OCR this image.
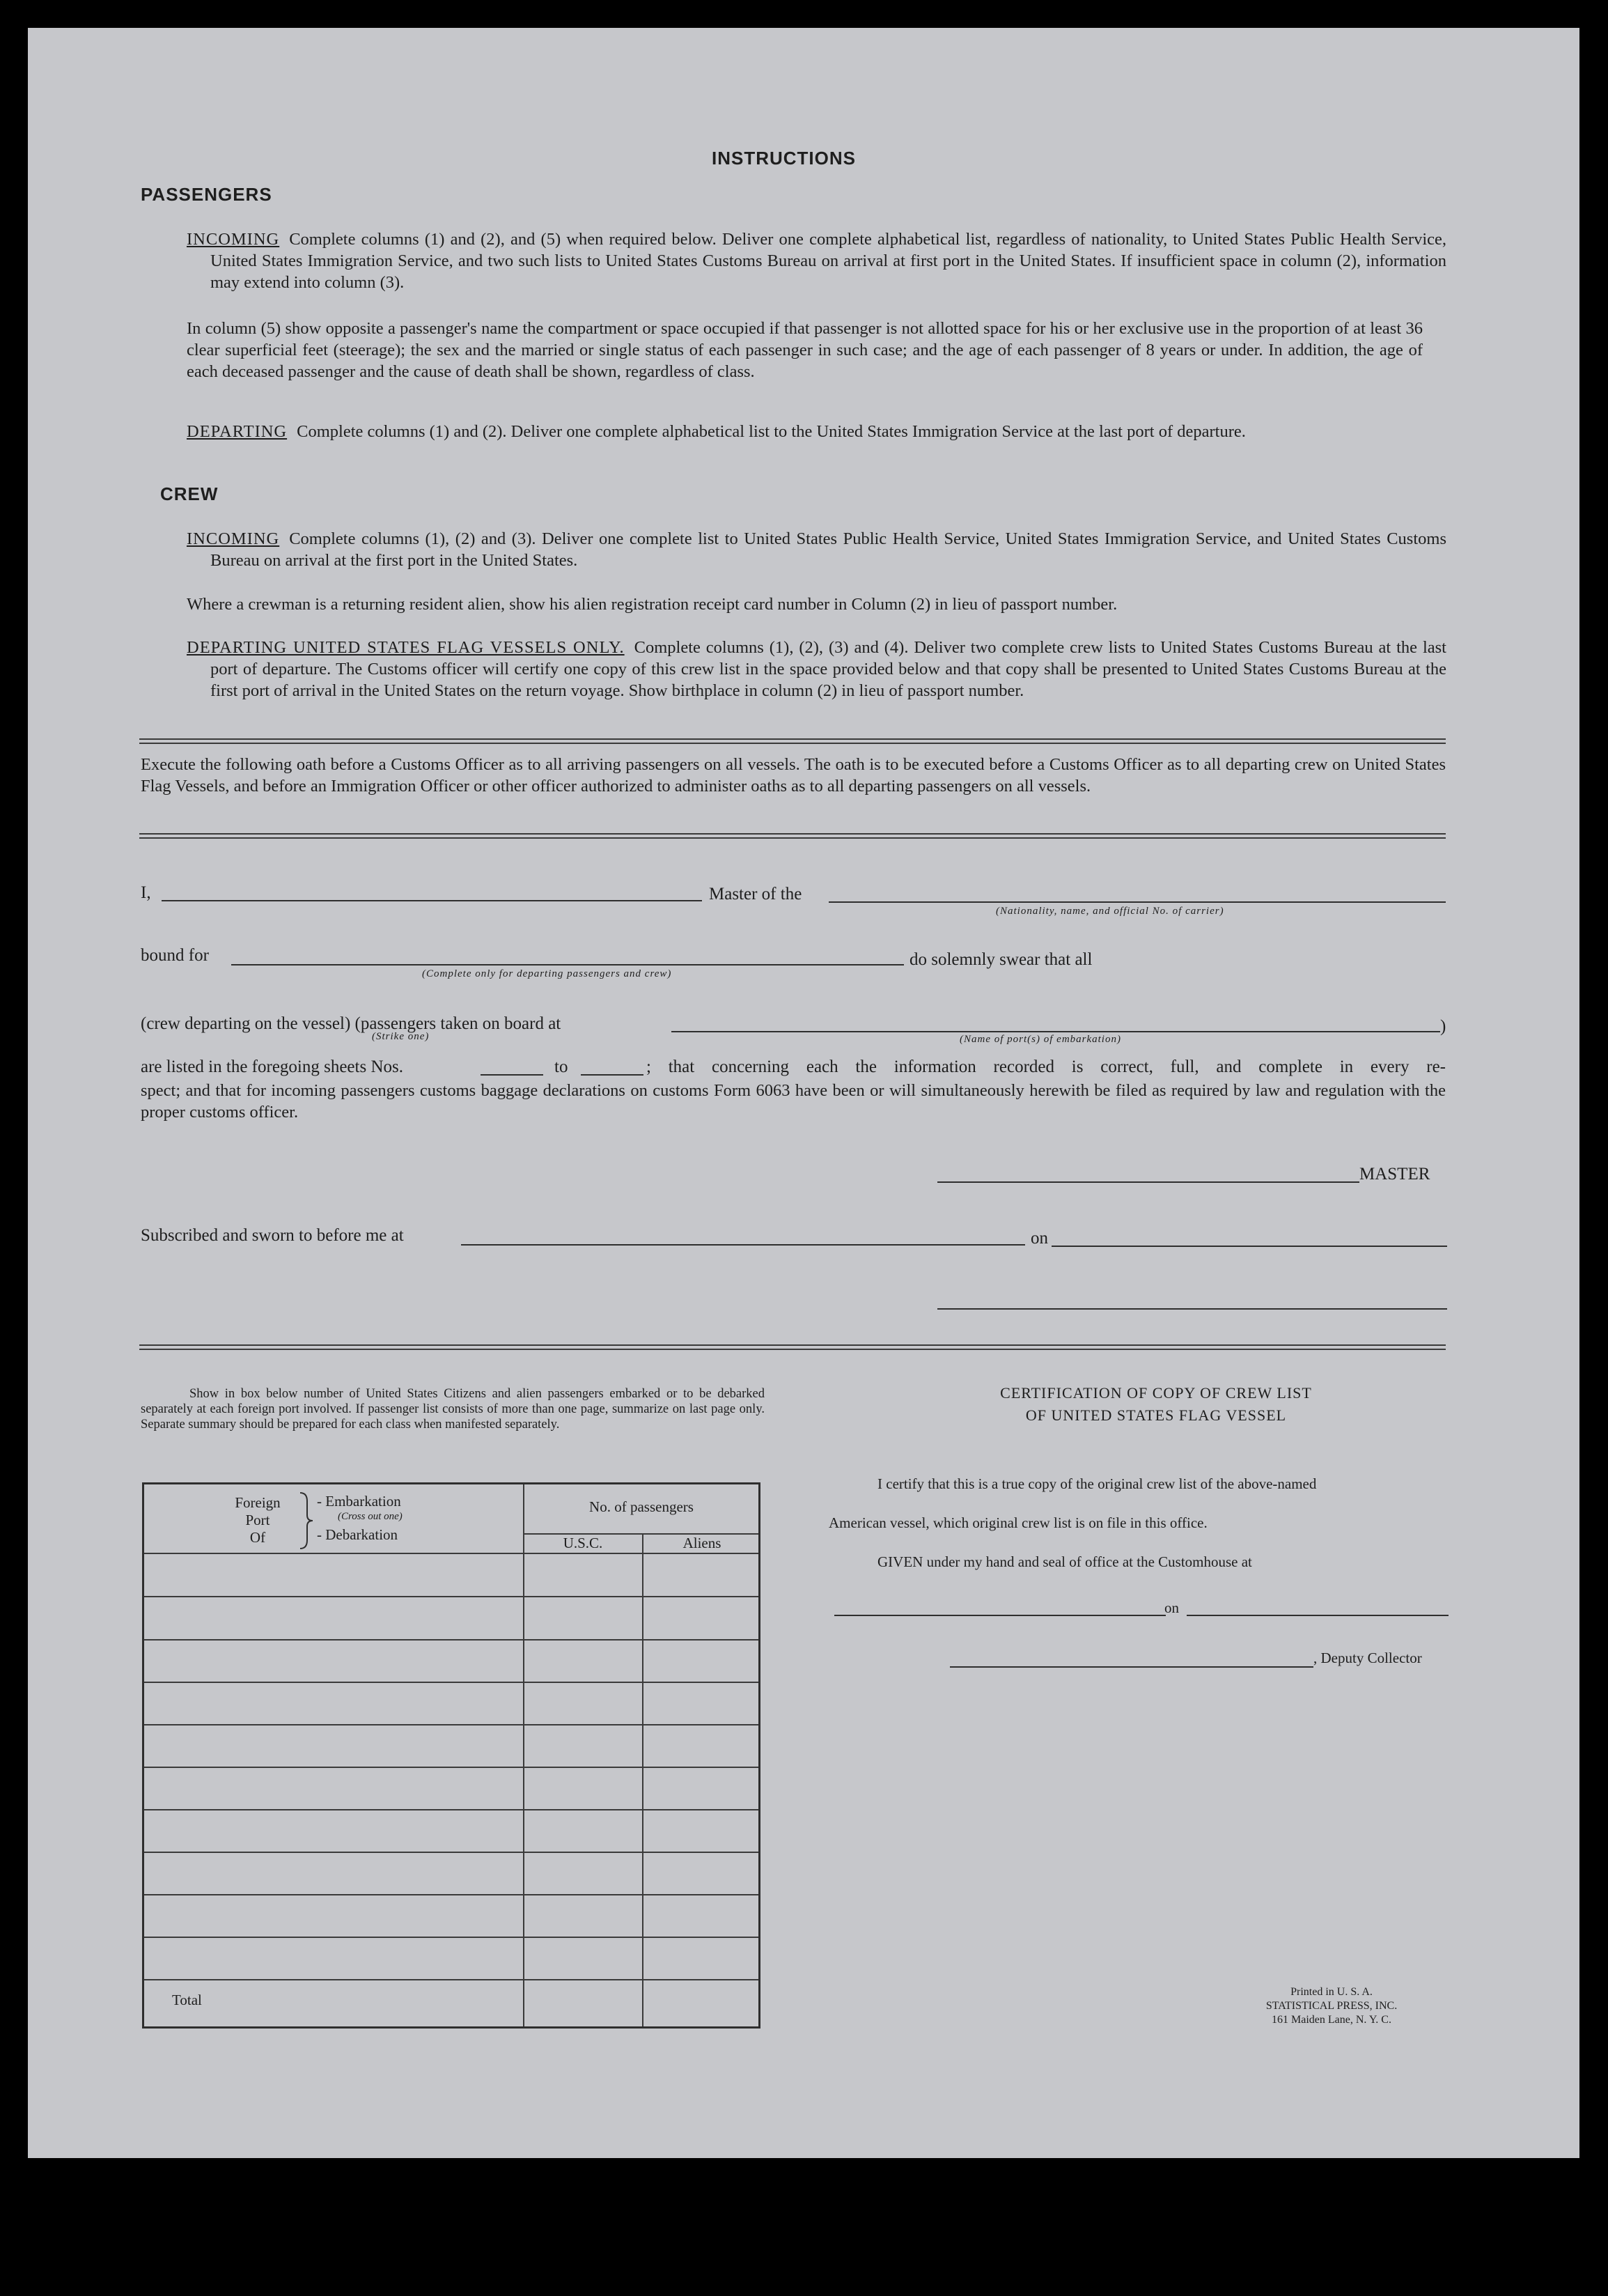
INSTRUCTIONS
PASSENGERS
INCOMING Complete columns (1) and (2), and (5) when required below. Deliver one complete alphabetical list, regardless of nationality, to United States Public Health Service, United States Immigration Service, and two such lists to United States Customs Bureau on arrival at first port in the United States. If insufficient space in column (2), information may extend into column (3).
In column (5) show opposite a passenger's name the compartment or space occupied if that passenger is not allotted space for his or her exclusive use in the proportion of at least 36 clear superficial feet (steerage); the sex and the married or single status of each passenger in such case; and the age of each passenger of 8 years or under. In addition, the age of each deceased passenger and the cause of death shall be shown, regardless of class.
DEPARTING Complete columns (1) and (2). Deliver one complete alphabetical list to the United States Immigration Service at the last port of departure.
CREW
INCOMING Complete columns (1), (2) and (3). Deliver one complete list to United States Public Health Service, United States Immigration Service, and United States Customs Bureau on arrival at the first port in the United States.
Where a crewman is a returning resident alien, show his alien registration receipt card number in Column (2) in lieu of passport number.
DEPARTING UNITED STATES FLAG VESSELS ONLY. Complete columns (1), (2), (3) and (4). Deliver two complete crew lists to United States Customs Bureau at the last port of departure. The Customs officer will certify one copy of this crew list in the space provided below and that copy shall be presented to United States Customs Bureau at the first port of arrival in the United States on the return voyage. Show birthplace in column (2) in lieu of passport number.
Execute the following oath before a Customs Officer as to all arriving passengers on all vessels. The oath is to be executed before a Customs Officer as to all departing crew on United States Flag Vessels, and before an Immigration Officer or other officer authorized to administer oaths as to all departing passengers on all vessels.
I,	Master of the
(Nationality, name, and official No. of carrier)
bound for
(Complete only for departing passengers and crew)
do solemnly swear that all
(crew departing on the vessel) (passengers taken on board at
(Strike one)	(Name of port(s) of embarkation)
)
are listed in the foregoing sheets Nos.	to	; that concerning each the information recorded is correct, full, and complete in every re-
spect; and that for incoming passengers customs baggage declarations on customs Form 6063 have been or will simultaneously herewith be filed as required by law and regulation with the proper customs officer.
MASTER
Subscribed and sworn to before me at	on
Show in box below number of United States Citizens and alien passengers embarked or to be debarked separately at each foreign port involved. If passenger list consists of more than one page, summarize on last page only. Separate summary should be prepared for each class when manifested separately.
Foreign
Port
Of
- Embarkation
(Cross out one)
- Debarkation
No. of passengers
U.S.C.	Aliens
Total
CERTIFICATION OF COPY OF CREW LIST
OF UNITED STATES FLAG VESSEL
I certify that this is a true copy of the original crew list of the above-named
American vessel, which original crew list is on file in this office.
GIVEN under my hand and seal of office at the Customhouse at
on
, Deputy Collector
Printed in U. S. A.
STATISTICAL PRESS, INC.
161 Maiden Lane, N. Y. C.
